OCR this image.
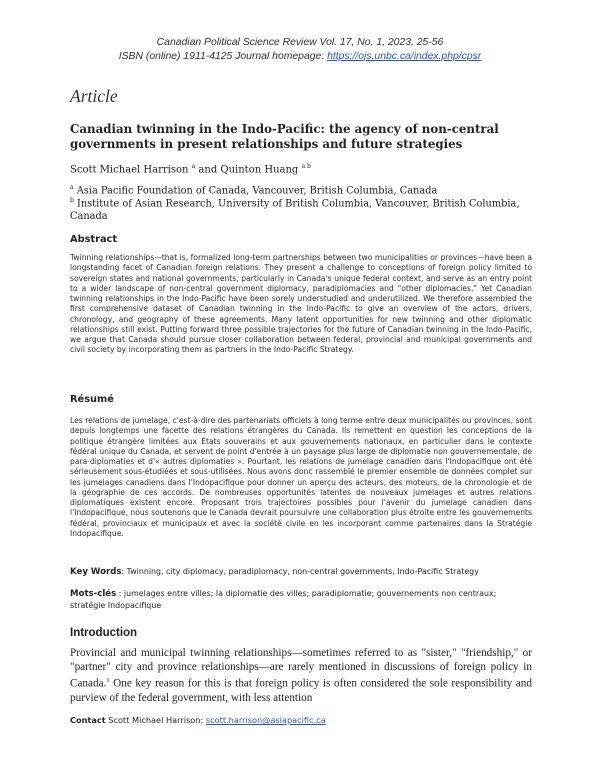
Canadian Political Science Review Vol. 17, No. 1, 2023, 25-56
ISBN (online) 1911-4125 Journal homepage: https://ojs.unbc.ca/index.php/cpsr
Article
Canadian twinning in the Indo-Pacific: the agency of non-central governments in present relationships and future strategies
Scott Michael Harrison $^a$ and Quinton Huang $^{a b}$
$^a$ Asia Pacific Foundation of Canada, Vancouver, British Columbia, Canada
$^b$ Institute of Asian Research, University of British Columbia, Vancouver, British Columbia, Canada
Abstract
Twinning relationships—that is, formalized long-term partnerships between two municipalities or provinces—have been a longstanding facet of Canadian foreign relations. They present a challenge to conceptions of foreign policy limited to sovereign states and national governments, particularly in Canada's unique federal context, and serve as an entry point to a wider landscape of non-central government diplomacy, paradiplomacies and "other diplomacies." Yet Canadian twinning relationships in the Indo-Pacific have been sorely understudied and underutilized. We therefore assembled the first comprehensive dataset of Canadian twinning in the Indo-Pacific to give an overview of the actors, drivers, chronology, and geography of these agreements. Many latent opportunities for new twinning and other diplomatic relationships still exist. Putting forward three possible trajectories for the future of Canadian twinning in the Indo-Pacific, we argue that Canada should pursue closer collaboration between federal, provincial and municipal governments and civil society by incorporating them as partners in the Indo-Pacific Strategy.
Résumé
Les relations de jumelage, c'est-à-dire des partenariats officiels à long terme entre deux municipalités ou provinces, sont depuis longtemps une facette des relations étrangères du Canada. Ils remettent en question les conceptions de la politique étrangère limitées aux États souverains et aux gouvernements nationaux, en particulier dans le contexte fédéral unique du Canada, et servent de point d'entrée à un paysage plus large de diplomatie non gouvernementale, de para-diplomaties et d'« autres diplomaties ». Pourtant, les relations de jumelage canadien dans l'Indopacifique ont été sérieusement sous-étudiées et sous-utilisées. Nous avons donc rassemblé le premier ensemble de données complet sur les jumelages canadiens dans l'Indopacifique pour donner un aperçu des acteurs, des moteurs, de la chronologie et de la géographie de ces accords. De nombreuses opportunités latentes de nouveaux jumelages et autres relations diplomatiques existent encore. Proposant trois trajectoires possibles pour l'avenir du jumelage canadien dans l'Indopacifique, nous soutenons que le Canada devrait poursuivre une collaboration plus étroite entre les gouvernements fédéral, provinciaux et municipaux et avec la société civile en les incorporant comme partenaires dans la Stratégie Indopacifique.
Key Words: Twinning, city diplomacy, paradiplomacy, non-central governments, Indo-Pacific Strategy
Mots-clés : jumelages entre villes; la diplomatie des villes; paradiplomatie; gouvernements non centraux; stratégie Indopacifique
Introduction
Provincial and municipal twinning relationships—sometimes referred to as "sister," "friendship," or "partner" city and province relationships—are rarely mentioned in discussions of foreign policy in Canada.$^1$ One key reason for this is that foreign policy is often considered the sole responsibility and purview of the federal government, with less attention
Contact Scott Michael Harrison: scott.harrison@asiapacific.ca
